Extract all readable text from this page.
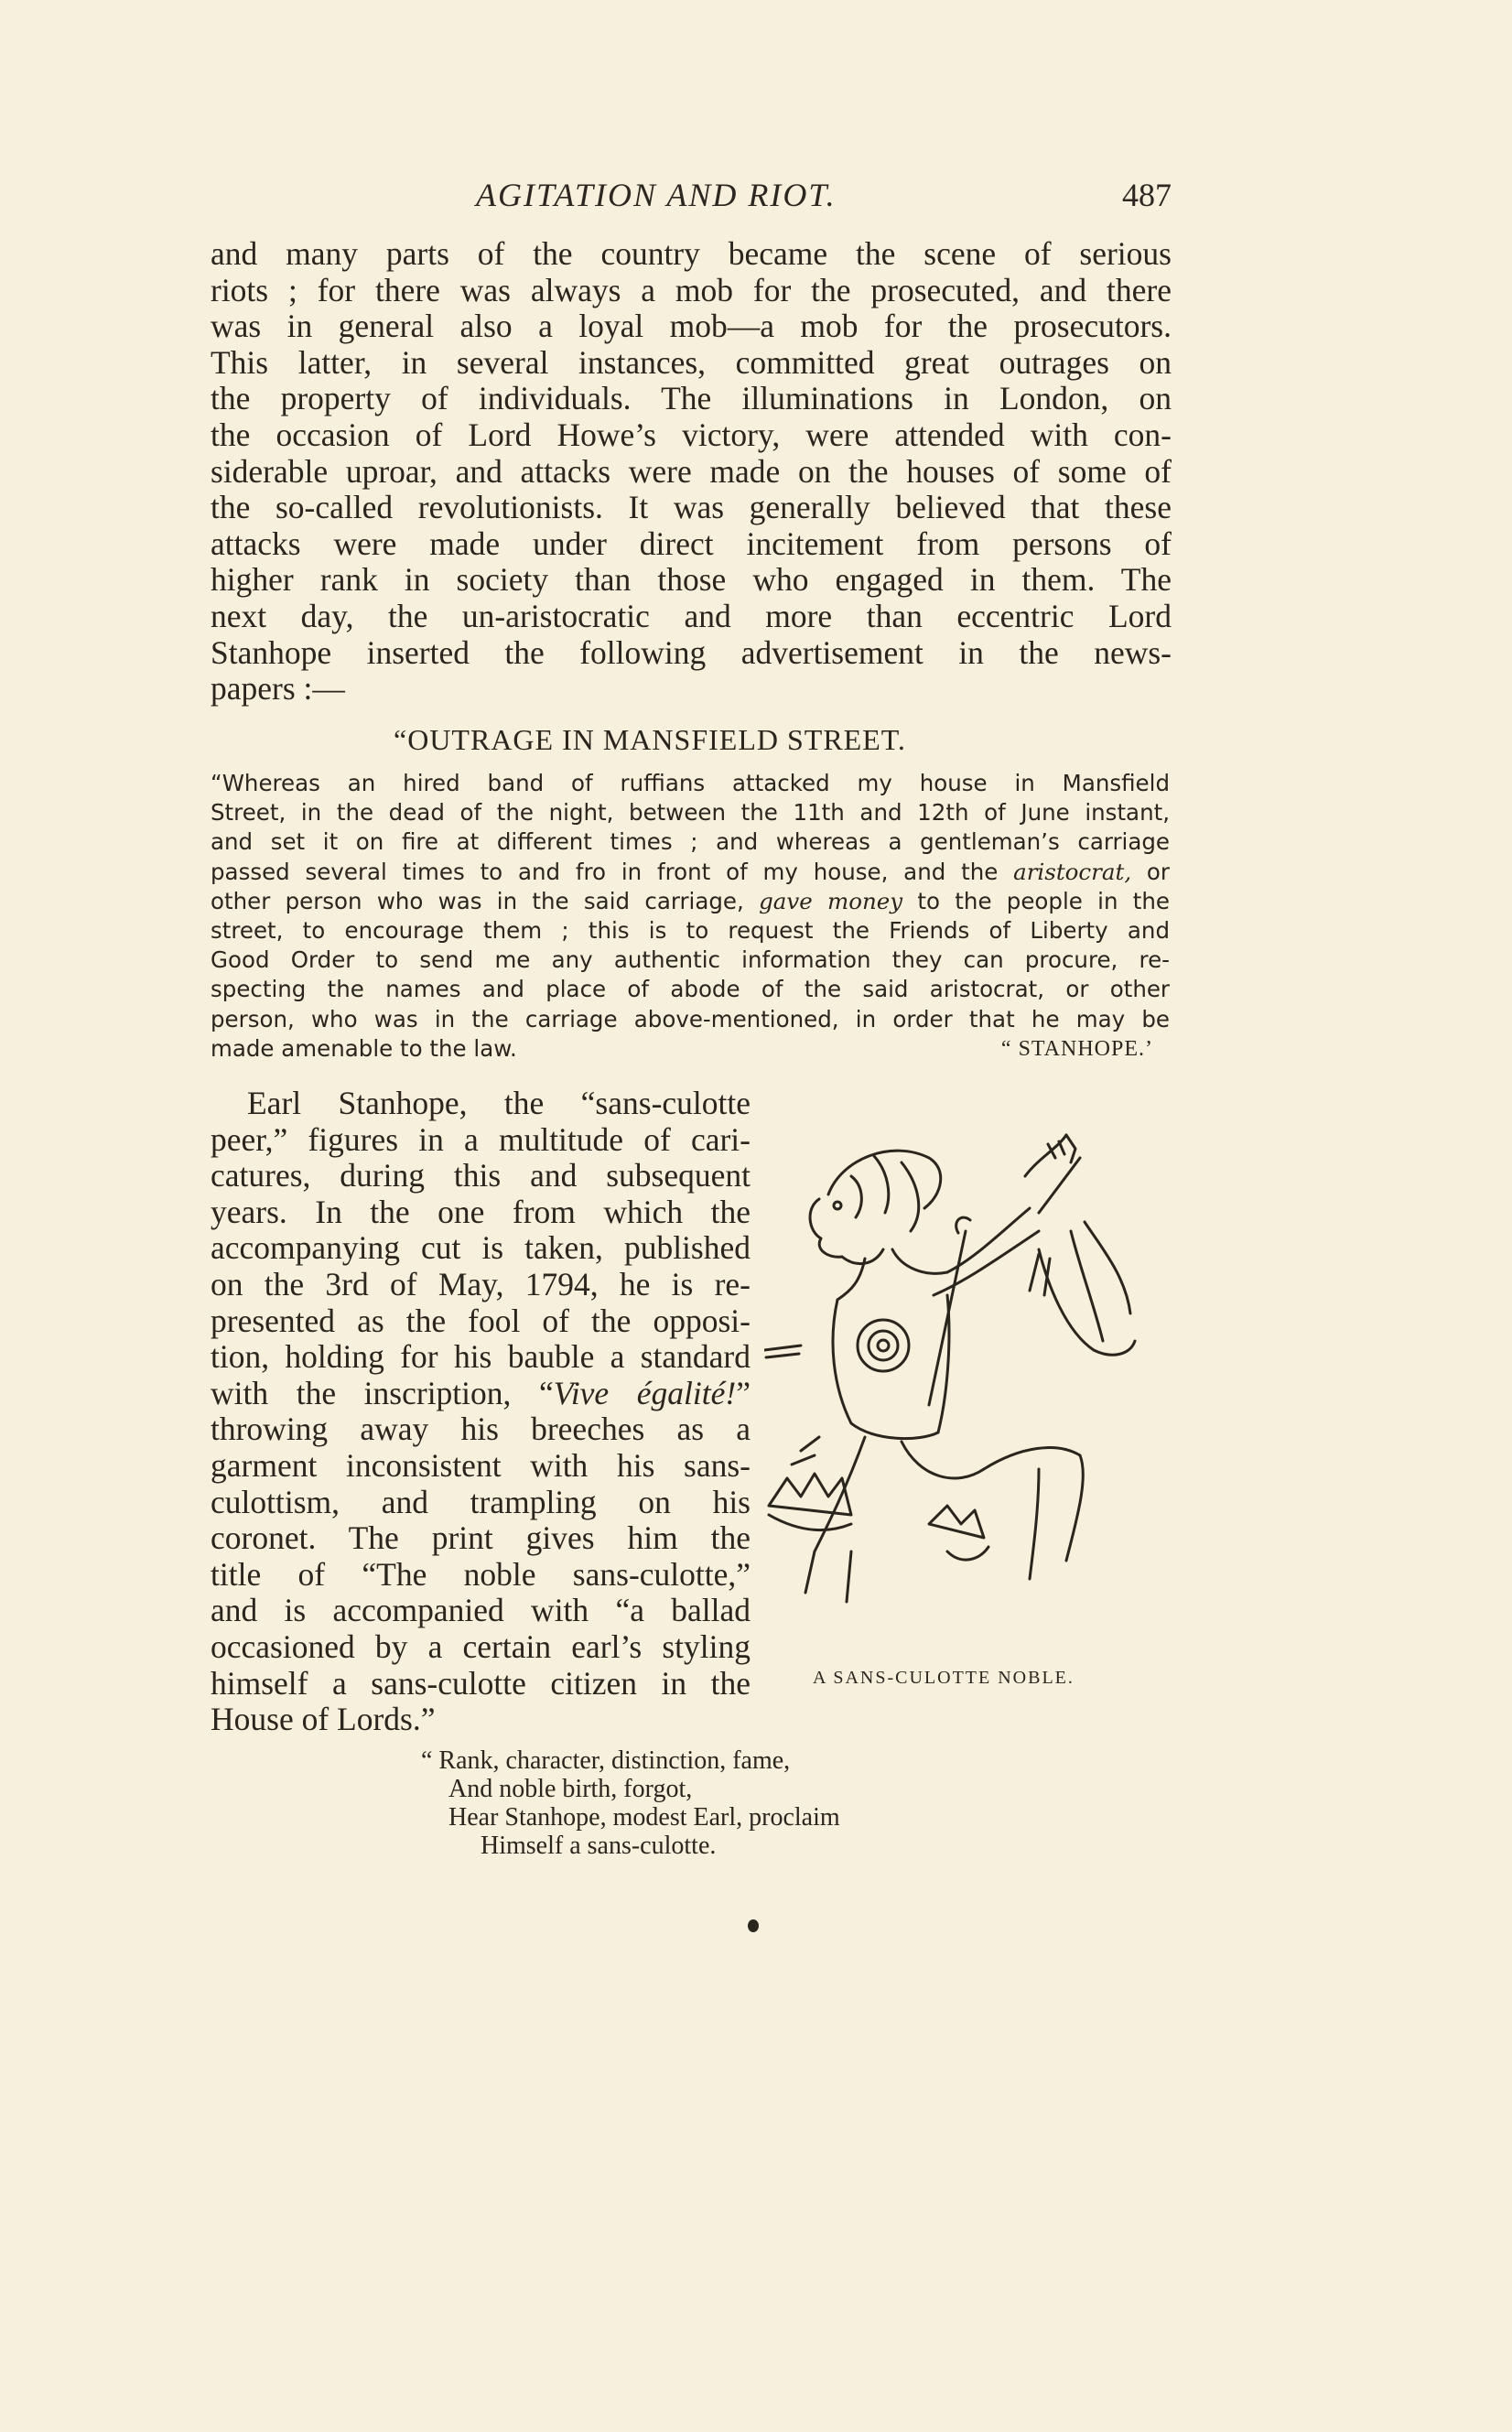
AGITATION AND RIOT.	487
and many parts of the country became the scene of serious
riots ; for there was always a mob for the prosecuted, and there
was in general also a loyal mob—a mob for the prosecutors.
This latter, in several instances, committed great outrages on
the property of individuals. The illuminations in London, on
the occasion of Lord Howe’s victory, were attended with con-
siderable uproar, and attacks were made on the houses of some of
the so-called revolutionists. It was generally believed that these
attacks were made under direct incitement from persons of
higher rank in society than those who engaged in them. The
next day, the un-aristocratic and more than eccentric Lord
Stanhope inserted the following advertisement in the news-
papers :—
“OUTRAGE IN MANSFIELD STREET.
“Whereas an hired band of ruffians attacked my house in Mansfield
Street, in the dead of the night, between the 11th and 12th of June instant,
and set it on fire at different times ; and whereas a gentleman’s carriage
passed several times to and fro in front of my house, and the aristocrat, or
other person who was in the said carriage, gave money to the people in the
street, to encourage them ; this is to request the Friends of Liberty and
Good Order to send me any authentic information they can procure, re-
specting the names and place of abode of the said aristocrat, or other
person, who was in the carriage above-mentioned, in order that he may be
made amenable to the law.	“ STANHOPE.’
Earl Stanhope, the “sans-culotte
peer,” figures in a multitude of cari-
catures, during this and subsequent
years. In the one from which the
accompanying cut is taken, published
on the 3rd of May, 1794, he is re-
presented as the fool of the opposi-
tion, holding for his bauble a standard
with the inscription, “Vive égalité!”
throwing away his breeches as a
garment inconsistent with his sans-
culottism, and trampling on his
coronet. The print gives him the
title of “The noble sans-culotte,”
and is accompanied with “a ballad
occasioned by a certain earl’s styling
himself a sans-culotte citizen in the
House of Lords.”
A SANS-CULOTTE NOBLE.
“ Rank, character, distinction, fame,
And noble birth, forgot,
Hear Stanhope, modest Earl, proclaim
Himself a sans-culotte.
